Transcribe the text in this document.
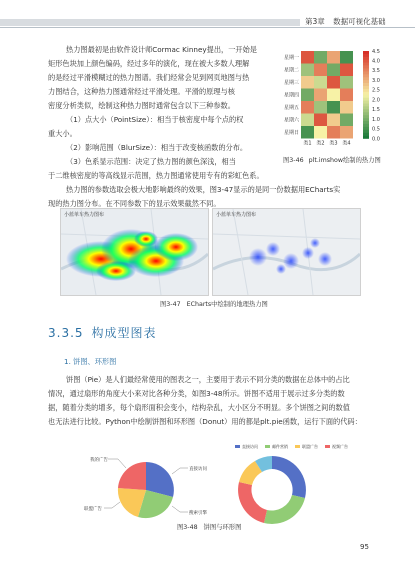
第3章 数据可视化基础

热力图最初是由软件设计师Cormac Kinney提出，一开始是

矩形色块加上颜色编码，经过多年的演化，现在被大多数人理解

的是经过平滑模糊过的热力图谱。我们经常会见到网页地图与热

力图结合，这种热力图通常经过平滑处理。平滑的原理与核

密度分析类似，绘制这种热力图时通常包含以下三种参数。

（1）点大小（PointSize）：相当于核密度中每个点的权

重大小。

（2）影响范围（BlurSize）：相当于改变核函数的分布。

（3）色系显示范围：决定了热力图的颜色深浅，相当

于二维核密度的等高线显示范围，热力图通常使用专有的彩虹色系。

热力图的参数选取会极大地影响最终的效果，图3-47显示的是同一份数据用ECharts实

现的热力图分布。在不同参数下的显示效果截然不同。

星期一
星期二
星期三
星期四
星期五
星期六
星期日
类1 类2 类3 类4
4.5
4.0
3.5
3.0
2.5
2.0
1.5
1.0
0.5
0.0
图3-46 plt.imshow绘制的热力图
小蓝单车热力图布	小蓝单车热力图布
图3-47 ECharts中绘制的地理热力图
3.3.5 构成型图表
1. 饼图、环形图

饼图（Pie）是人们最经常使用的图表之一，主要用于表示不同分类的数据在总体中的占比

情况，通过扇形的角度大小来对比各种分类，如图3-48所示。饼图不适用于展示过多分类的数

据，随着分类的增多，每个扇形面积会变小，结构杂乱，大小区分不明显。多个饼图之间的数值

也无法进行比较。Python中绘制饼图和环形图（Donut）用的都是plt.pie函数，运行下面的代码：

我的广告
直接访问
搜索引擎
联盟广告
直接访问	邮件营销	联盟广告	视频广告
图3-48 饼图与环形图
95
